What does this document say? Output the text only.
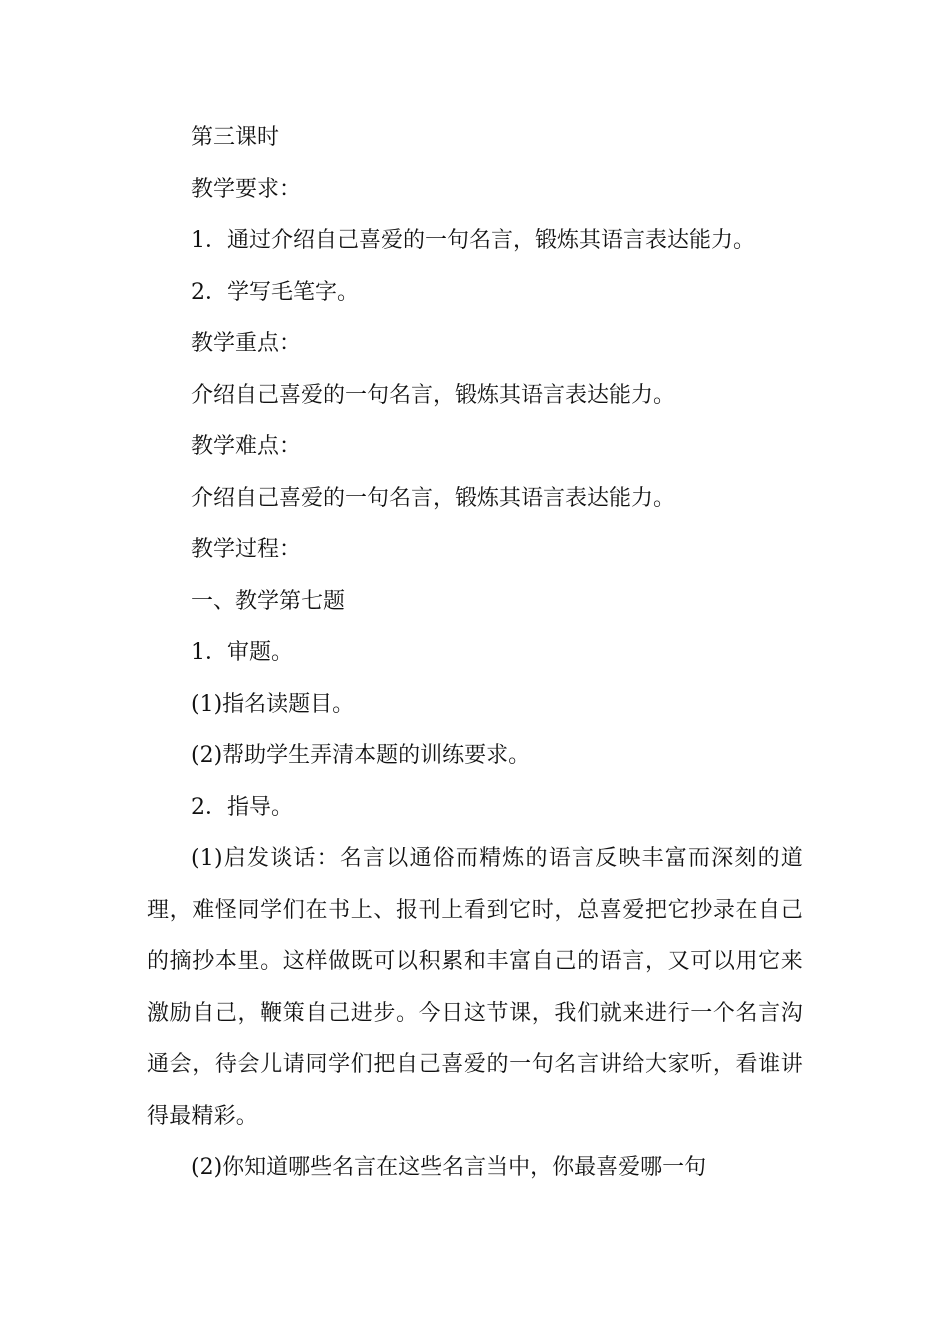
第三课时

教学要求：

1．通过介绍自己喜爱的一句名言，锻炼其语言表达能力。

2．学写毛笔字。

教学重点：

介绍自己喜爱的一句名言，锻炼其语言表达能力。

教学难点：

介绍自己喜爱的一句名言，锻炼其语言表达能力。

教学过程：

一、教学第七题

1．审题。

(1)指名读题目。

(2)帮助学生弄清本题的训练要求。

2．指导。

(1)启发谈话：名言以通俗而精炼的语言反映丰富而深刻的道理，难怪同学们在书上、报刊上看到它时，总喜爱把它抄录在自己的摘抄本里。这样做既可以积累和丰富自己的语言，又可以用它来激励自己，鞭策自己进步。今日这节课，我们就来进行一个名言沟通会，待会儿请同学们把自己喜爱的一句名言讲给大家听，看谁讲得最精彩。

(2)你知道哪些名言在这些名言当中，你最喜爱哪一句
